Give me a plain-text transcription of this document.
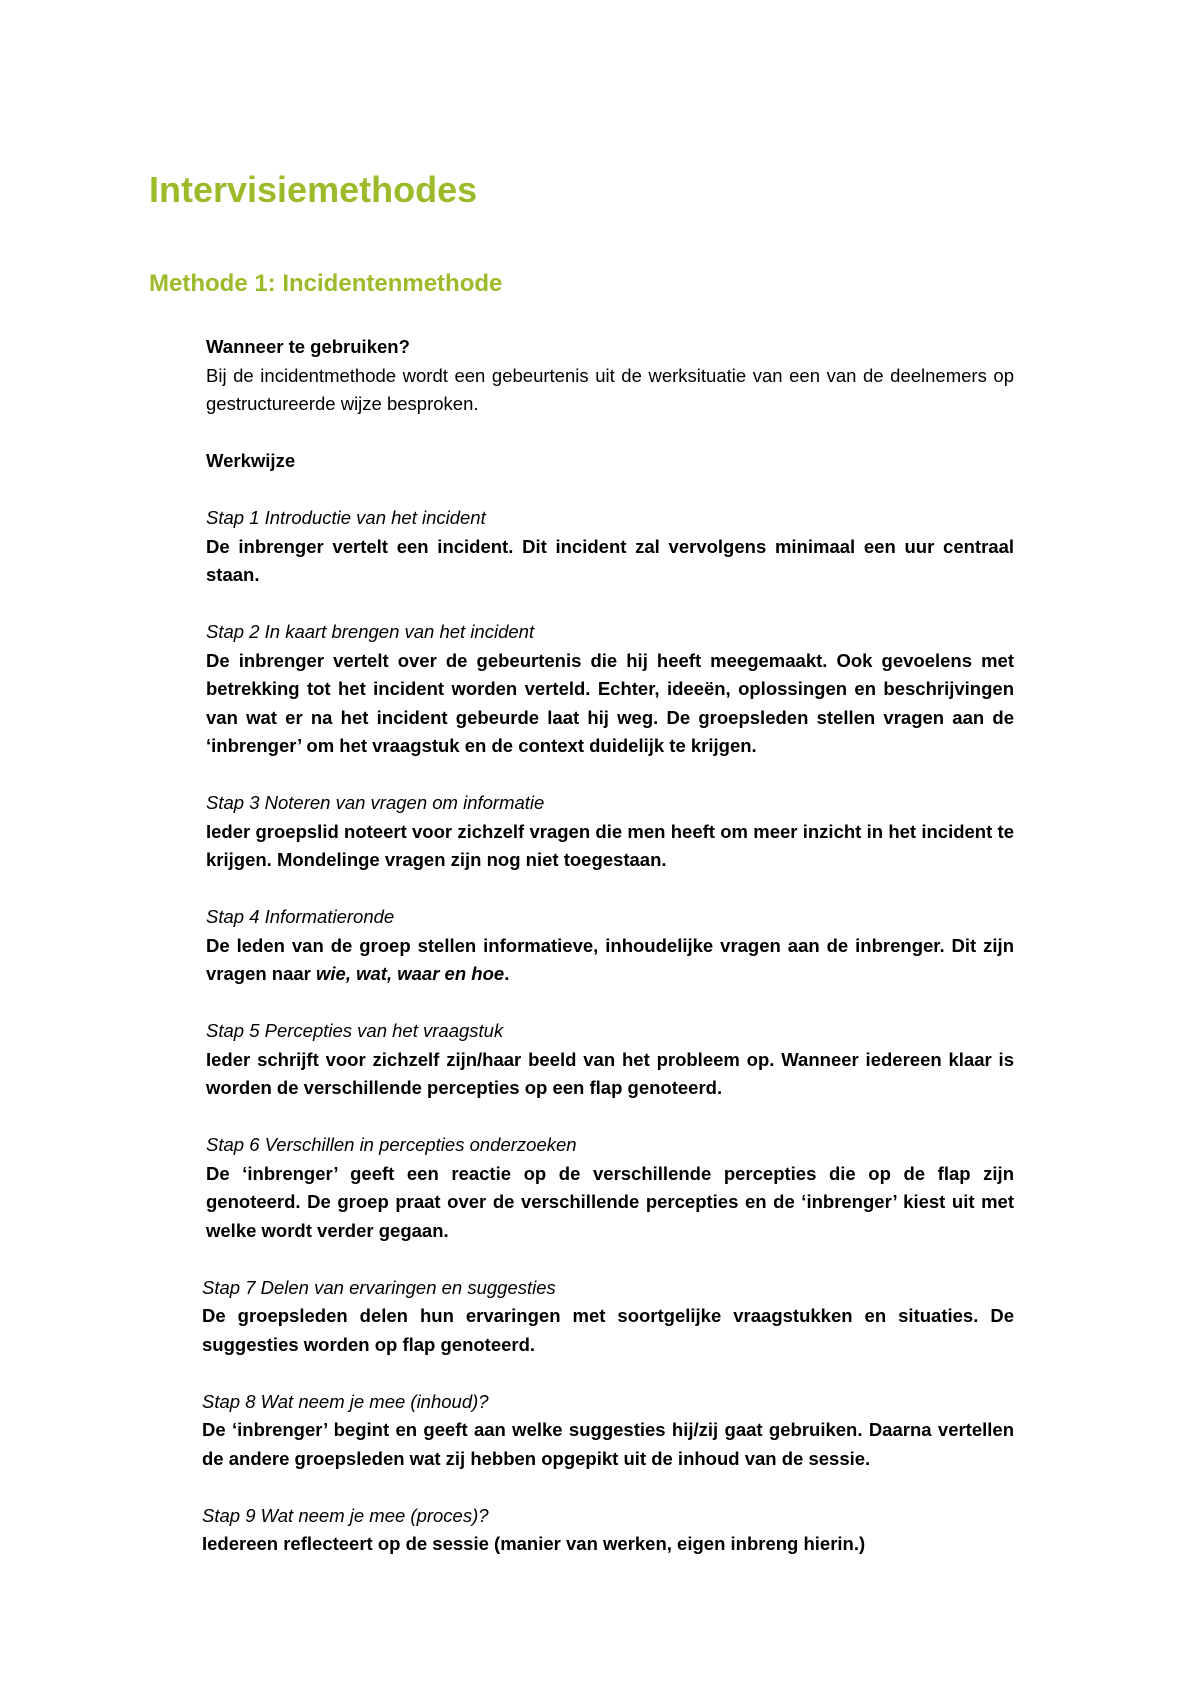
Intervisiemethodes
Methode 1: Incidentenmethode

Wanneer te gebruiken?

Bij de incidentmethode wordt een gebeurtenis uit de werksituatie van een van de deelnemers op gestructureerde wijze besproken.

Werkwijze

Stap 1 Introductie van het incident

De inbrenger vertelt een incident. Dit incident zal vervolgens minimaal een uur centraal staan.

Stap 2 In kaart brengen van het incident

De inbrenger vertelt over de gebeurtenis die hij heeft meegemaakt. Ook gevoelens met betrekking tot het incident worden verteld. Echter, ideeën, oplossingen en beschrijvingen van wat er na het incident gebeurde laat hij weg. De groepsleden stellen vragen aan de ‘inbrenger’ om het vraagstuk en de context duidelijk te krijgen.

Stap 3 Noteren van vragen om informatie

Ieder groepslid noteert voor zichzelf vragen die men heeft om meer inzicht in het incident te krijgen. Mondelinge vragen zijn nog niet toegestaan.

Stap 4 Informatieronde

De leden van de groep stellen informatieve, inhoudelijke vragen aan de inbrenger. Dit zijn vragen naar wie, wat, waar en hoe.

Stap 5 Percepties van het vraagstuk

Ieder schrijft voor zichzelf zijn/haar beeld van het probleem op. Wanneer iedereen klaar is worden de verschillende percepties op een flap genoteerd.

Stap 6 Verschillen in percepties onderzoeken

De ‘inbrenger’ geeft een reactie op de verschillende percepties die op de flap zijn genoteerd. De groep praat over de verschillende percepties en de ‘inbrenger’ kiest uit met welke wordt verder gegaan.

Stap 7 Delen van ervaringen en suggesties

De groepsleden delen hun ervaringen met soortgelijke vraagstukken en situaties. De suggesties worden op flap genoteerd.

Stap 8 Wat neem je mee (inhoud)?

De ‘inbrenger’ begint en geeft aan welke suggesties hij/zij gaat gebruiken. Daarna vertellen de andere groepsleden wat zij hebben opgepikt uit de inhoud van de sessie.

Stap 9 Wat neem je mee (proces)?

Iedereen reflecteert op de sessie (manier van werken, eigen inbreng hierin.)
